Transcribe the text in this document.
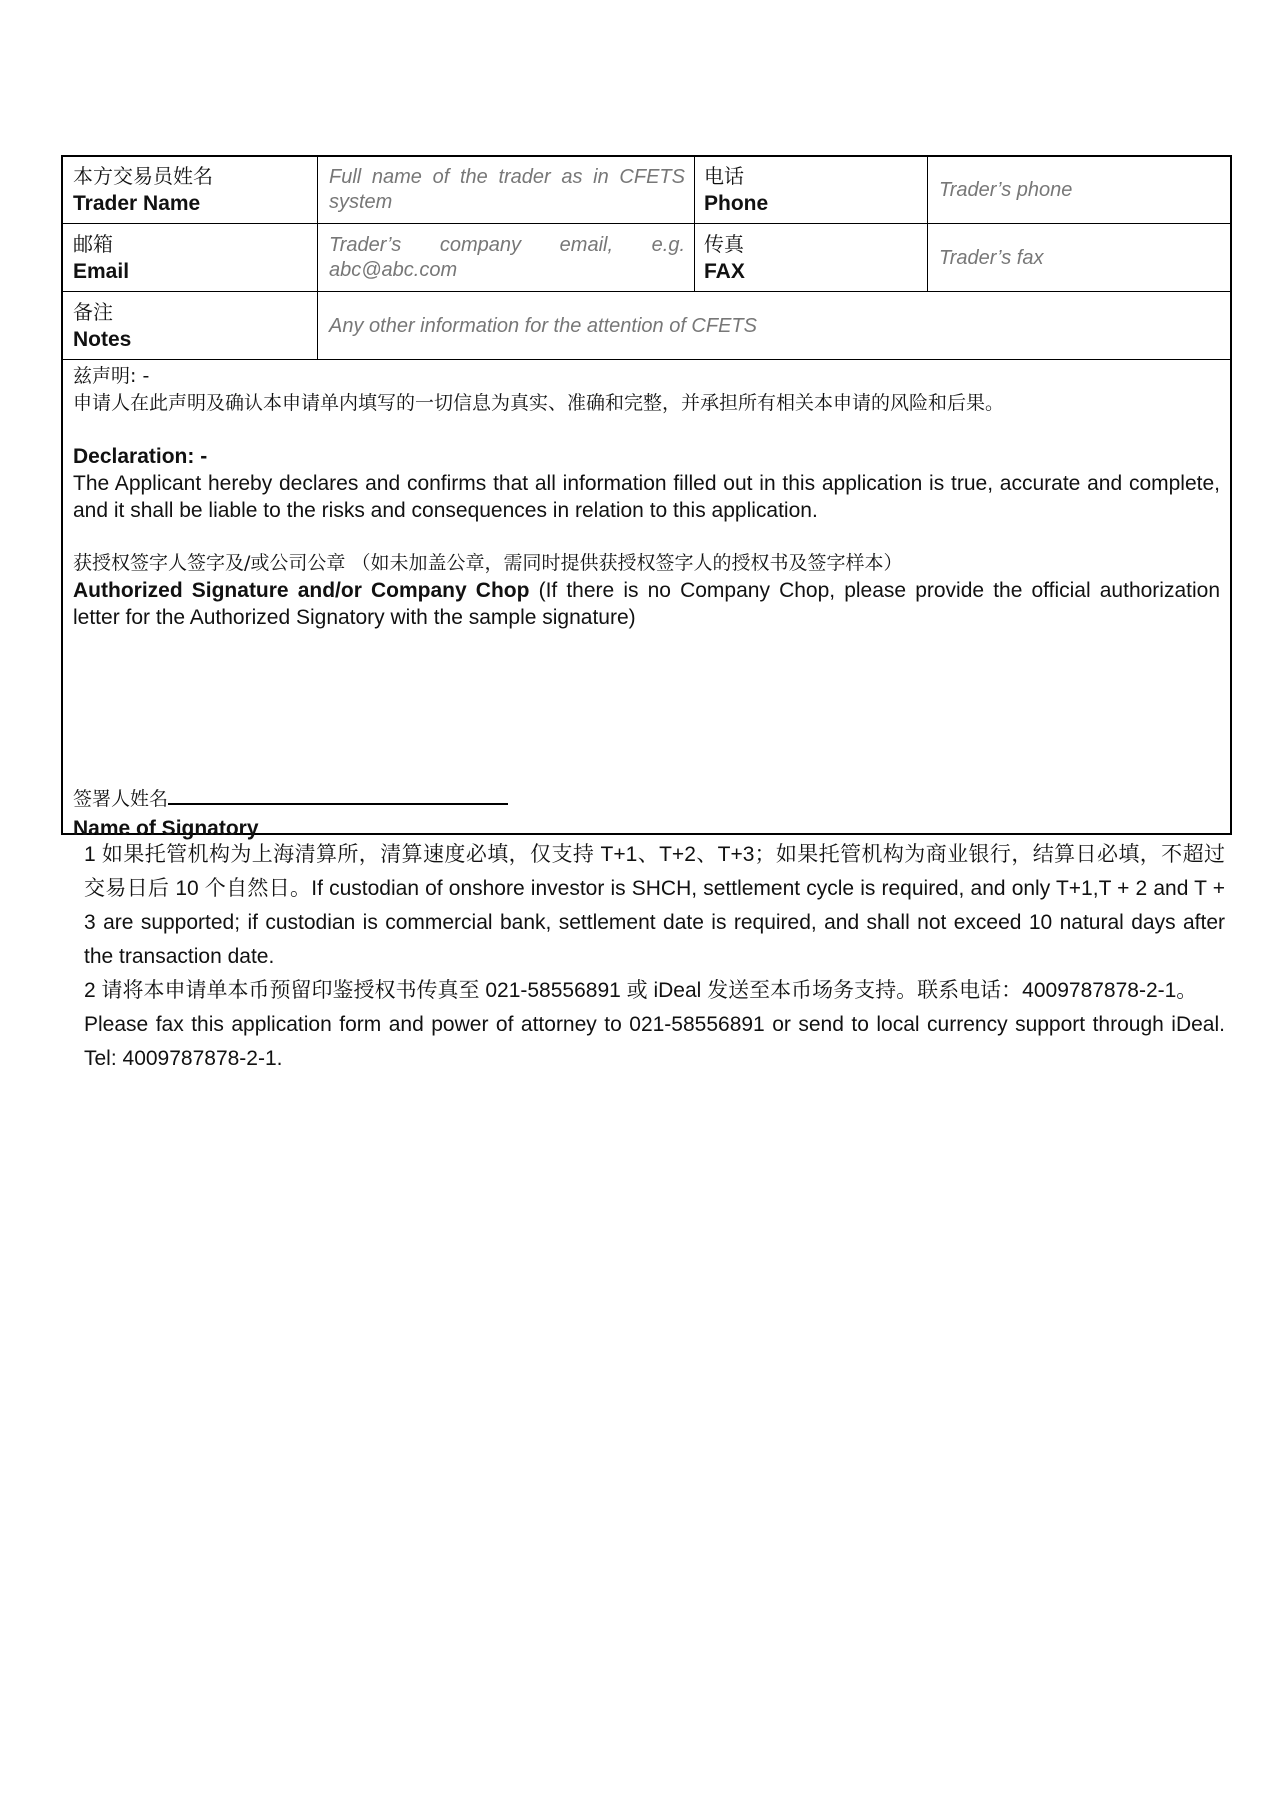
本方交易员姓名
Trader Name
Full name of the trader as in CFETS system
电话
Phone
Trader’s phone
邮箱
Email
Trader’s company email, e.g. abc@abc.com
传真
FAX
Trader’s fax
备注
Notes
Any other information for the attention of CFETS
兹声明: -
申请人在此声明及确认本申请单内填写的一切信息为真实、准确和完整，并承担所有相关本申请的风险和后果。
Declaration: -
The Applicant hereby declares and confirms that all information filled out in this application is true, accurate and complete, and it shall be liable to the risks and consequences in relation to this application.
获授权签字人签字及/或公司公章 （如未加盖公章，需同时提供获授权签字人的授权书及签字样本）
Authorized Signature and/or Company Chop (If there is no Company Chop, please provide the official authorization letter for the Authorized Signatory with the sample signature)
签署人姓名
Name of Signatory

1 如果托管机构为上海清算所，清算速度必填，仅支持 T+1、T+2、T+3；如果托管机构为商业银行，结算日必填，不超过交易日后 10 个自然日。If custodian of onshore investor is SHCH, settlement cycle is required, and only T+1,T + 2 and T + 3 are supported; if custodian is commercial bank, settlement date is required, and shall not exceed 10 natural days after the transaction date.

2 请将本申请单本币预留印鉴授权书传真至 021-58556891 或 iDeal 发送至本币场务支持。联系电话：4009787878-2-1。

Please fax this application form and power of attorney to 021-58556891 or send to local currency support through iDeal. Tel: 4009787878-2-1.
